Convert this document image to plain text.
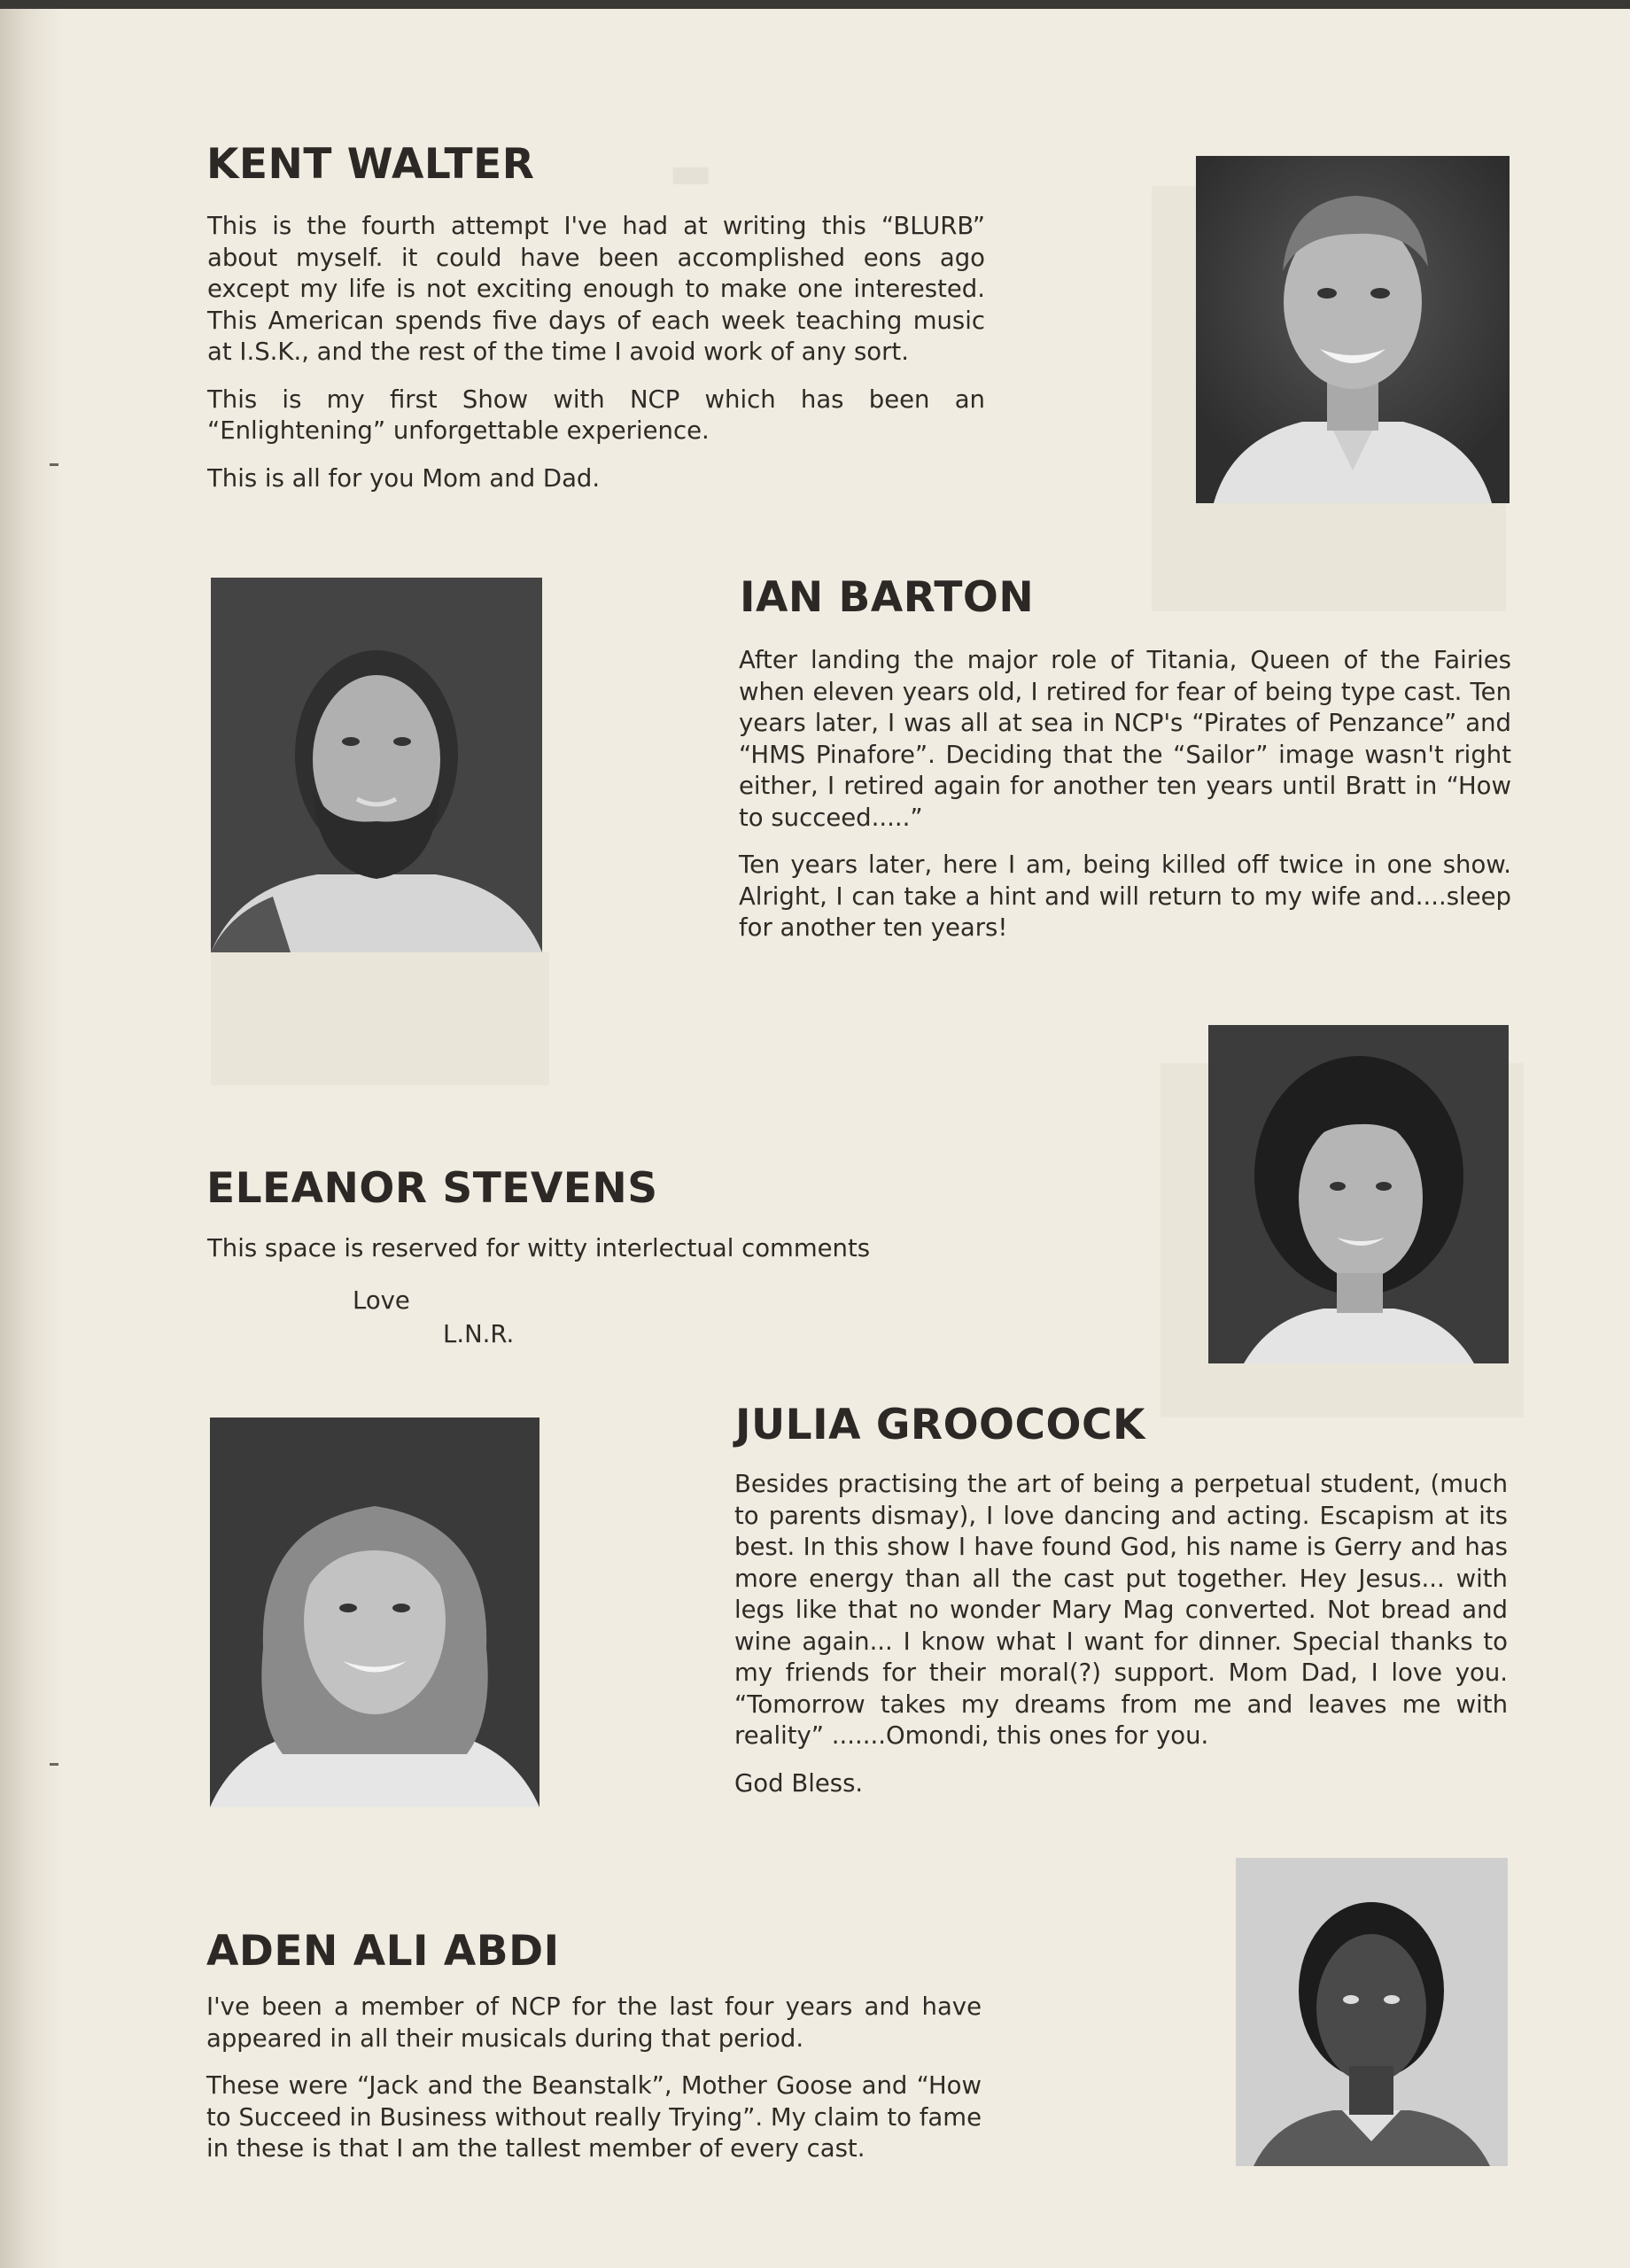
▬
KENT WALTER

This is the fourth attempt I've had at writing this “BLURB” about myself. it could have been accomplished eons ago except my life is not exciting enough to make one interested. This American spends five days of each week teaching music at I.S.K., and the rest of the time I avoid work of any sort.

This is my first Show with NCP which has been an “Enlightening” unforgettable experience.

This is all for you Mom and Dad.

IAN BARTON

After landing the major role of Titania, Queen of the Fairies when eleven years old, I retired for fear of being type cast. Ten years later, I was all at sea in NCP's “Pirates of Penzance” and “HMS Pinafore”. Deciding that the “Sailor” image wasn't right either, I retired again for another ten years until Bratt in “How to succeed.....”

Ten years later, here I am, being killed off twice in one show. Alright, I can take a hint and will return to my wife and....sleep for another ten years!

ELEANOR STEVENS

This space is reserved for witty interlectual comments

Love
L.N.R.
JULIA GROOCOCK

Besides practising the art of being a perpetual student, (much to parents dismay), I love dancing and acting. Escapism at its best. In this show I have found God, his name is Gerry and has more energy than all the cast put together. Hey Jesus... with legs like that no wonder Mary Mag converted. Not bread and wine again... I know what I want for dinner. Special thanks to my friends for their moral(?) support. Mom Dad, I love you. “Tomorrow takes my dreams from me and leaves me with reality” .......Omondi, this ones for you.

God Bless.

ADEN ALI ABDI

I've been a member of NCP for the last four years and have appeared in all their musicals during that period.

These were “Jack and the Beanstalk”, Mother Goose and “How to Succeed in Business without really Trying”. My claim to fame in these is that I am the tallest member of every cast.
